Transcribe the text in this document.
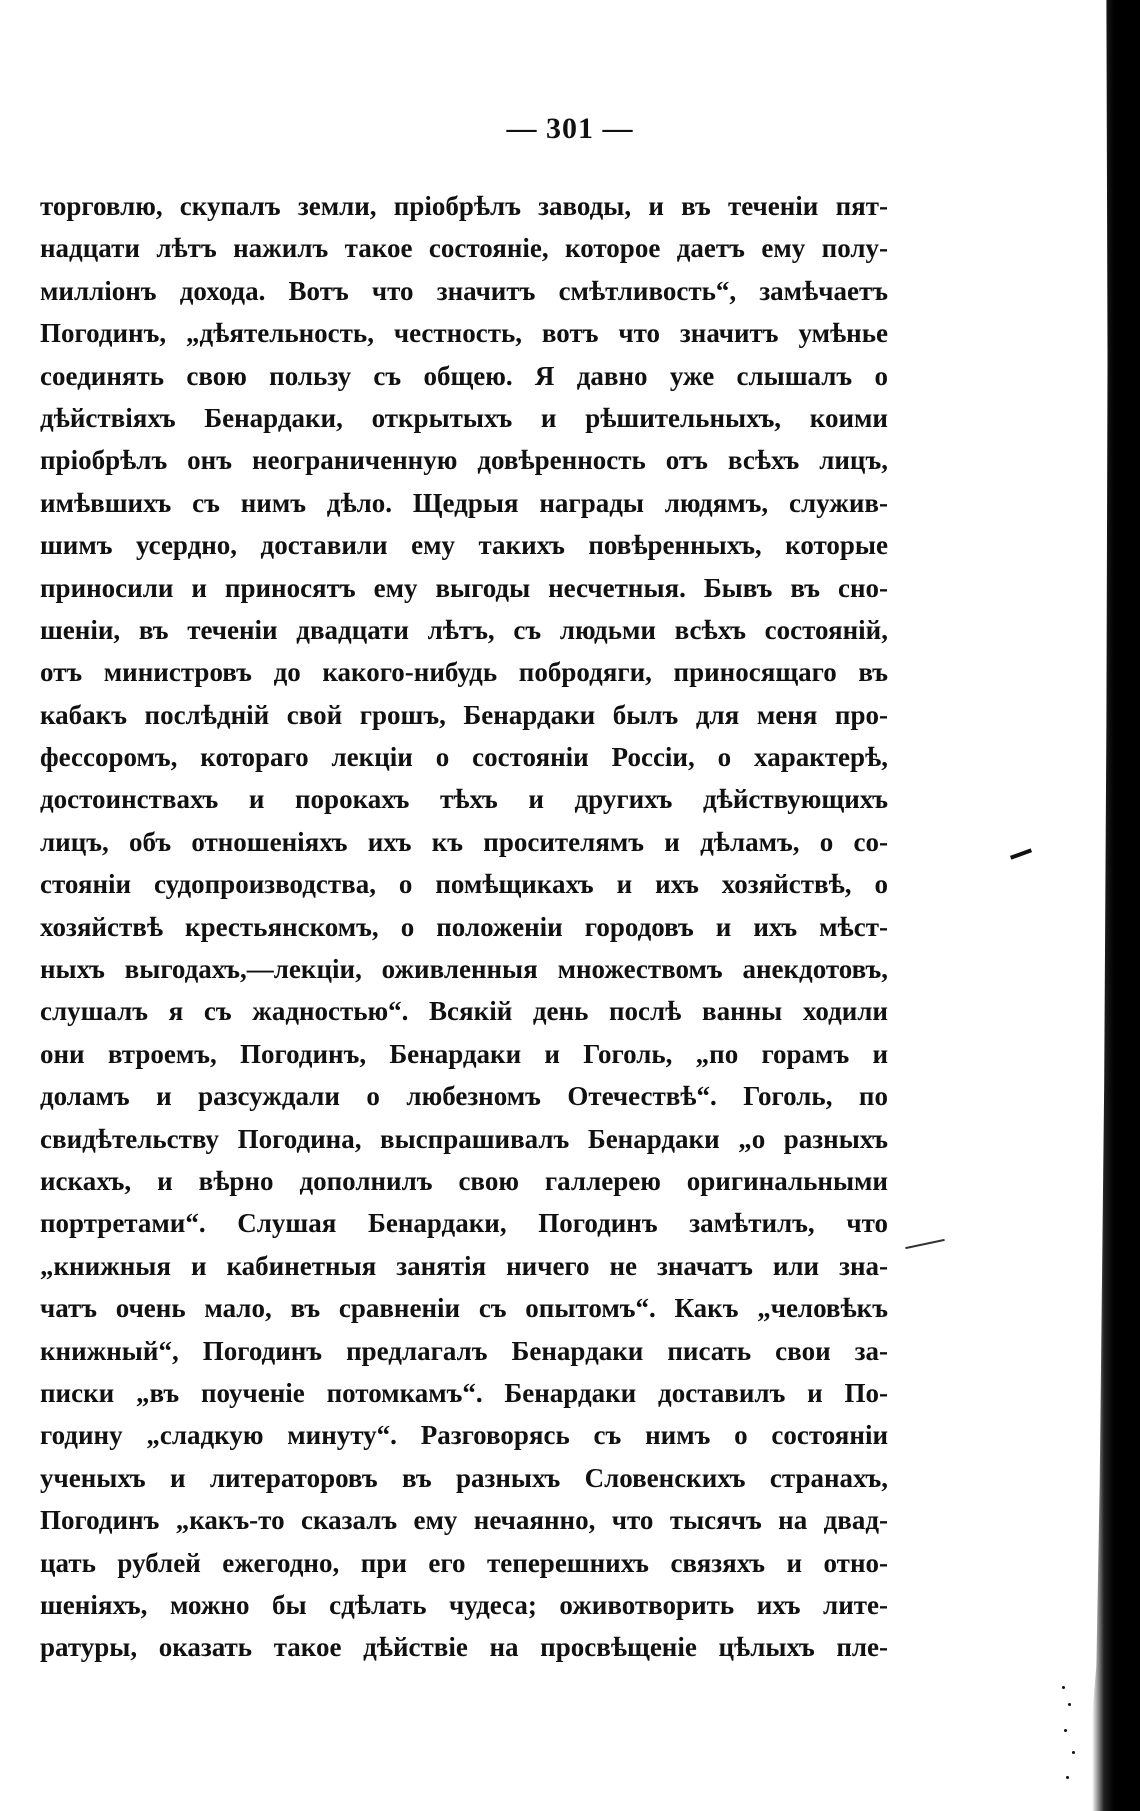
— 301 —
торговлю, скупалъ земли, пріобрѣлъ заводы, и въ теченіи пят-
надцати лѣтъ нажилъ такое состояніе, которое даетъ ему полу-
милліонъ дохода. Вотъ что значитъ смѣтливость“, замѣчаетъ
Погодинъ, „дѣятельность, честность, вотъ что значитъ умѣнье
соединять свою пользу съ общею. Я давно уже слышалъ о
дѣйствіяхъ Бенардаки, открытыхъ и рѣшительныхъ, коими
пріобрѣлъ онъ неограниченную довѣренность отъ всѣхъ лицъ,
имѣвшихъ съ нимъ дѣло. Щедрыя награды людямъ, служив-
шимъ усердно, доставили ему такихъ повѣренныхъ, которые
приносили и приносятъ ему выгоды несчетныя. Бывъ въ сно-
шеніи, въ теченіи двадцати лѣтъ, съ людьми всѣхъ состояній,
отъ министровъ до какого-нибудь побродяги, приносящаго въ
кабакъ послѣдній свой грошъ, Бенардаки былъ для меня про-
фессоромъ, котораго лекціи о состояніи Россіи, о характерѣ,
достоинствахъ и порокахъ тѣхъ и другихъ дѣйствующихъ
лицъ, объ отношеніяхъ ихъ къ просителямъ и дѣламъ, о со-
стояніи судопроизводства, о помѣщикахъ и ихъ хозяйствѣ, о
хозяйствѣ крестьянскомъ, о положеніи городовъ и ихъ мѣст-
ныхъ выгодахъ,—лекціи, оживленныя множествомъ анекдотовъ,
слушалъ я съ жадностью“. Всякій день послѣ ванны ходили
они втроемъ, Погодинъ, Бенардаки и Гоголь, „по горамъ и
доламъ и разсуждали о любезномъ Отечествѣ“. Гоголь, по
свидѣтельству Погодина, выспрашивалъ Бенардаки „о разныхъ
искахъ, и вѣрно дополнилъ свою галлерею оригинальными
портретами“. Слушая Бенардаки, Погодинъ замѣтилъ, что
„книжныя и кабинетныя занятія ничего не значатъ или зна-
чатъ очень мало, въ сравненіи съ опытомъ“. Какъ „человѣкъ
книжный“, Погодинъ предлагалъ Бенардаки писать свои за-
писки „въ поученіе потомкамъ“. Бенардаки доставилъ и По-
годину „сладкую минуту“. Разговорясь съ нимъ о состояніи
ученыхъ и литераторовъ въ разныхъ Словенскихъ странахъ,
Погодинъ „какъ-то сказалъ ему нечаянно, что тысячъ на двад-
цать рублей ежегодно, при его теперешнихъ связяхъ и отно-
шеніяхъ, можно бы сдѣлать чудеса; оживотворить ихъ лите-
ратуры, оказать такое дѣйствіе на просвѣщеніе цѣлыхъ пле-
